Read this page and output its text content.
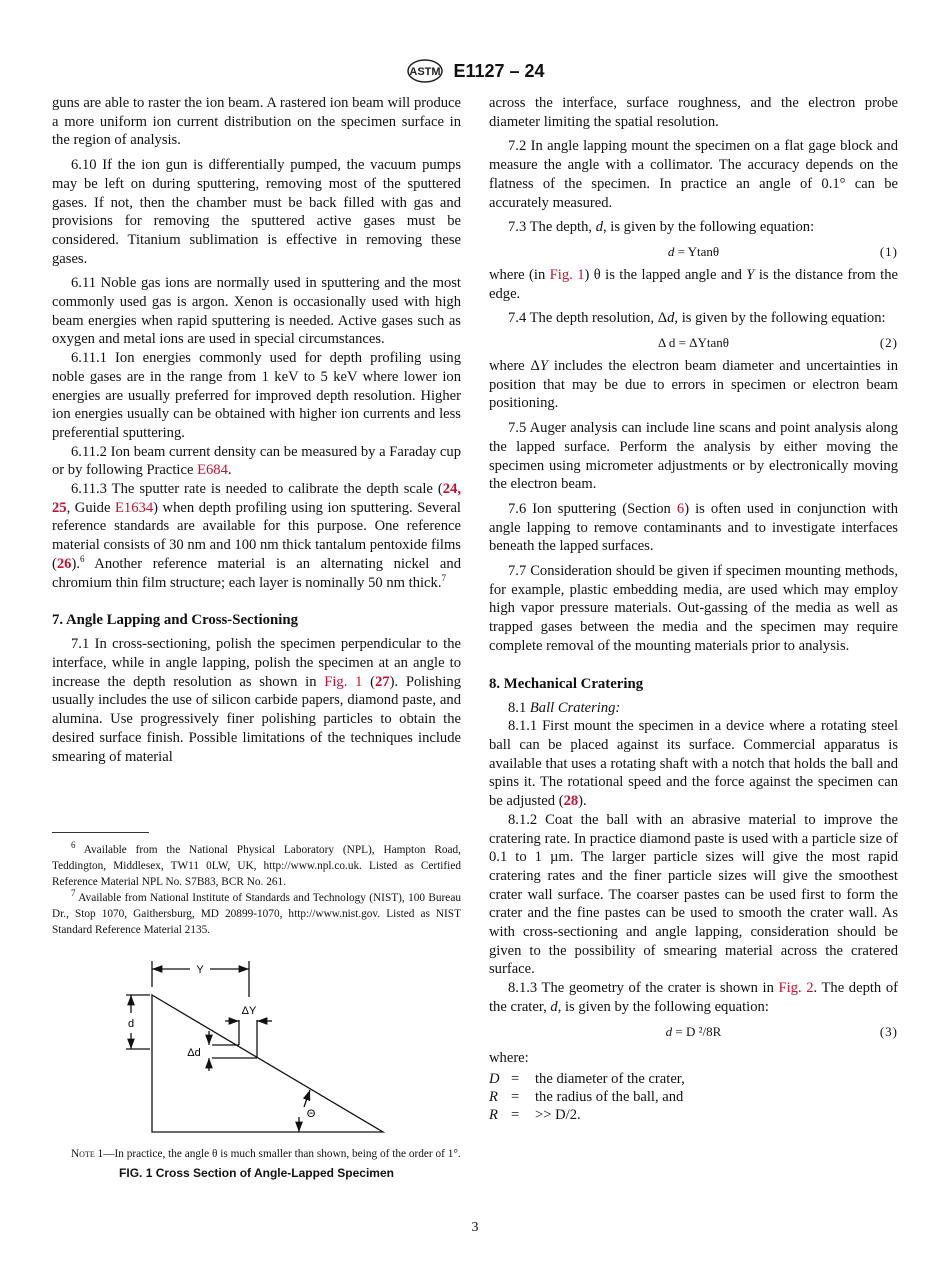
ASTM E1127 – 24

guns are able to raster the ion beam. A rastered ion beam will produce a more uniform ion current distribution on the specimen surface in the region of analysis.

6.10 If the ion gun is differentially pumped, the vacuum pumps may be left on during sputtering, removing most of the sputtered gases. If not, then the chamber must be back filled with gas and provisions for removing the sputtered active gases must be considered. Titanium sublimation is effective in removing these gases.

6.11 Noble gas ions are normally used in sputtering and the most commonly used gas is argon. Xenon is occasionally used with high beam energies when rapid sputtering is needed. Active gases such as oxygen and metal ions are used in special circumstances.

6.11.1 Ion energies commonly used for depth profiling using noble gases are in the range from 1 keV to 5 keV where lower ion energies are usually preferred for improved depth resolution. Higher ion energies usually can be obtained with higher ion currents and less preferential sputtering.

6.11.2 Ion beam current density can be measured by a Faraday cup or by following Practice E684.

6.11.3 The sputter rate is needed to calibrate the depth scale (24, 25, Guide E1634) when depth profiling using ion sputtering. Several reference standards are available for this purpose. One reference material consists of 30 nm and 100 nm thick tantalum pentoxide films (26).$^6$ Another reference material is an alternating nickel and chromium thin film structure; each layer is nominally 50 nm thick.$^7$

7. Angle Lapping and Cross-Sectioning

7.1 In cross-sectioning, polish the specimen perpendicular to the interface, while in angle lapping, polish the specimen at an angle to increase the depth resolution as shown in Fig. 1 (27). Polishing usually includes the use of silicon carbide papers, diamond paste, and alumina. Use progressively finer polishing particles to obtain the desired surface finish. Possible limitations of the techniques include smearing of material

$^6$ Available from the National Physical Laboratory (NPL), Hampton Road, Teddington, Middlesex, TW11 0LW, UK, http://www.npl.co.uk. Listed as Certified Reference Material NPL No. S7B83, BCR No. 261.

$^7$ Available from National Institute of Standards and Technology (NIST), 100 Bureau Dr., Stop 1070, Gaithersburg, MD 20899-1070, http://www.nist.gov. Listed as NIST Standard Reference Material 2135.

Y
d
ΔY
Δd
Θ

Note 1—In practice, the angle θ is much smaller than shown, being of the order of 1°.

FIG. 1 Cross Section of Angle-Lapped Specimen

across the interface, surface roughness, and the electron probe diameter limiting the spatial resolution.

7.2 In angle lapping mount the specimen on a flat gage block and measure the angle with a collimator. The accuracy depends on the flatness of the specimen. In practice an angle of 0.1° can be accurately measured.

7.3 The depth, d, is given by the following equation:

d = Ytanθ	(1)

where (in Fig. 1) θ is the lapped angle and Y is the distance from the edge.

7.4 The depth resolution, Δd, is given by the following equation:

Δ d = ΔYtanθ	(2)

where ΔY includes the electron beam diameter and uncertainties in position that may be due to errors in specimen or electron beam positioning.

7.5 Auger analysis can include line scans and point analysis along the lapped surface. Perform the analysis by either moving the specimen using micrometer adjustments or by electronically moving the electron beam.

7.6 Ion sputtering (Section 6) is often used in conjunction with angle lapping to remove contaminants and to investigate interfaces beneath the lapped surfaces.

7.7 Consideration should be given if specimen mounting methods, for example, plastic embedding media, are used which may employ high vapor pressure materials. Out-gassing of the media as well as trapped gases between the media and the specimen may require complete removal of the mounting materials prior to analysis.

8. Mechanical Cratering

8.1 Ball Cratering:

8.1.1 First mount the specimen in a device where a rotating steel ball can be placed against its surface. Commercial apparatus is available that uses a rotating shaft with a notch that holds the ball and spins it. The rotational speed and the force against the specimen can be adjusted (28).

8.1.2 Coat the ball with an abrasive material to improve the cratering rate. In practice diamond paste is used with a particle size of 0.1 to 1 µm. The larger particle sizes will give the most rapid cratering rates and the finer particle sizes will give the smoothest crater wall surface. The coarser pastes can be used first to form the crater and the fine pastes can be used to smooth the crater wall. As with cross-sectioning and angle lapping, consideration should be given to the possibility of smearing material across the cratered surface.

8.1.3 The geometry of the crater is shown in Fig. 2. The depth of the crater, d, is given by the following equation:

d = D ²/8R	(3)
where:
D = the diameter of the crater,
R = the radius of the ball, and
R = >> D/2.
3
